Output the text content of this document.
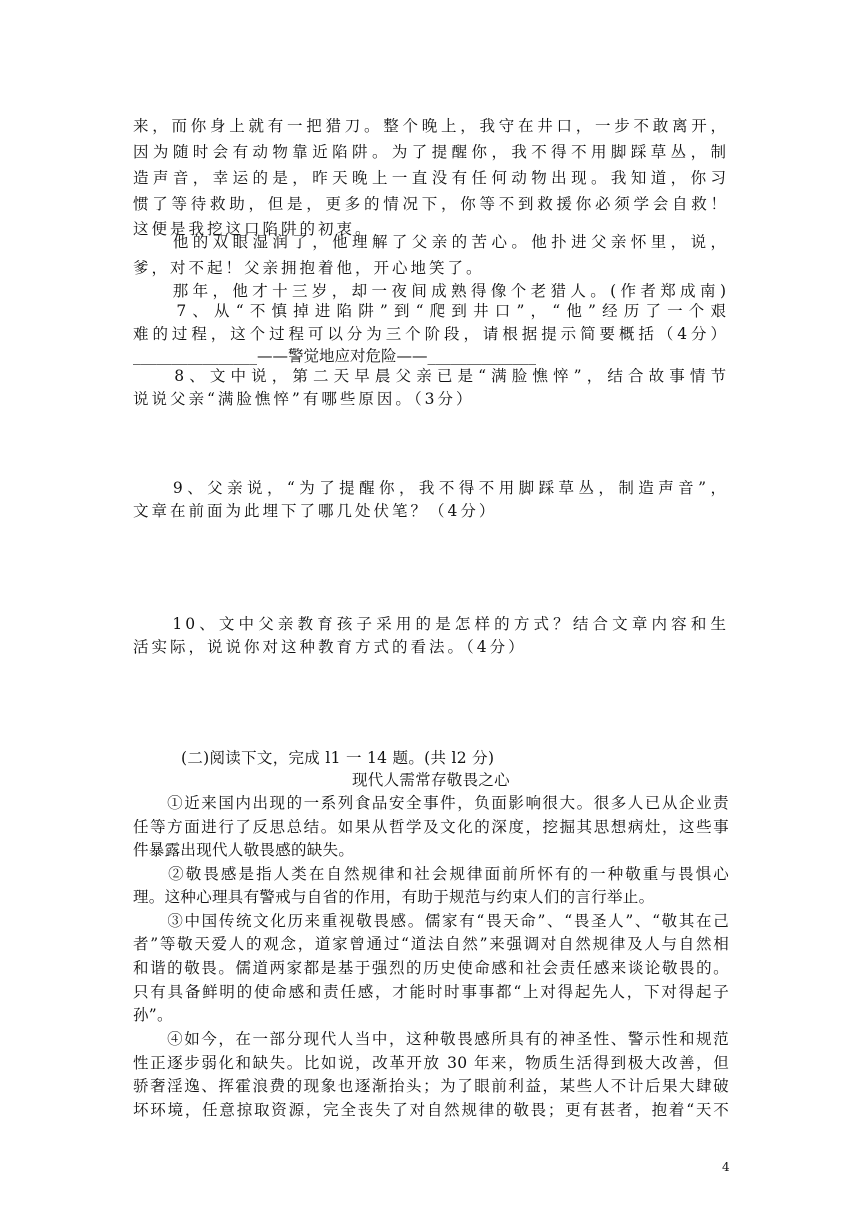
来，而你身上就有一把猎刀。整个晚上，我守在井口，一步不敢离开，
因为随时会有动物靠近陷阱。为了提醒你，我不得不用脚踩草丛，制
造声音，幸运的是，昨天晚上一直没有任何动物出现。我知道，你习
惯了等待救助，但是，更多的情况下，你等不到救援你必须学会自救！
这便是我挖这口陷阱的初衷。
　　他的双眼湿润了，他理解了父亲的苦心。他扑进父亲怀里，说，
爹，对不起！父亲拥抱着他，开心地笑了。
　　那年，他才十三岁，却一夜间成熟得像个老猎人。(作者郑成南)
　　7、从“不慎掉进陷阱”到“爬到井口”，“他”经历了一个艰
难的过程，这个过程可以分为三个阶段，请根据提示简要概括（4分）
________________——警觉地应对危险——______________
　　8、文中说，第二天早晨父亲已是“满脸憔悴”，结合故事情节
说说父亲“满脸憔悴”有哪些原因。（3分）
　　9、父亲说，“为了提醒你，我不得不用脚踩草丛，制造声音”，
文章在前面为此埋下了哪几处伏笔？（4分）
　　10、文中父亲教育孩子采用的是怎样的方式？结合文章内容和生
活实际，说说你对这种教育方式的看法。（4分）
(二)阅读下文，完成 l1 一 14 题。(共 l2 分)
现代人需常存敬畏之心
　　①近来国内出现的一系列食品安全事件，负面影响很大。很多人已从企业责
任等方面进行了反思总结。如果从哲学及文化的深度，挖掘其思想病灶，这些事
件暴露出现代人敬畏感的缺失。
　　②敬畏感是指人类在自然规律和社会规律面前所怀有的一种敬重与畏惧心
理。这种心理具有警戒与自省的作用，有助于规范与约束人们的言行举止。
　　③中国传统文化历来重视敬畏感。儒家有“畏天命”、“畏圣人”、“敬其在己
者”等敬天爱人的观念，道家曾通过“道法自然”来强调对自然规律及人与自然相
和谐的敬畏。儒道两家都是基于强烈的历史使命感和社会责任感来谈论敬畏的。
只有具备鲜明的使命感和责任感，才能时时事事都“上对得起先人，下对得起子
孙”。
　　④如今，在一部分现代人当中，这种敬畏感所具有的神圣性、警示性和规范
性正逐步弱化和缺失。比如说，改革开放 30 年来，物质生活得到极大改善，但
骄奢淫逸、挥霍浪费的现象也逐渐抬头；为了眼前利益，某些人不计后果大肆破
坏环境，任意掠取资源，完全丧失了对自然规律的敬畏；更有甚者，抱着“天不
4
